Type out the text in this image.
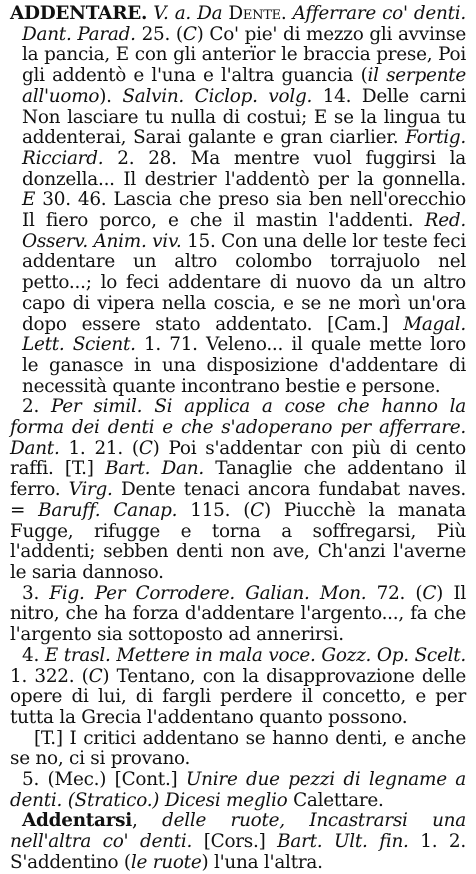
ADDENTARE. V. a. Da Dente. Afferrare co' denti. Dant. Parad. 25. (C) Co' pie' di mezzo gli avvinse la pancia, E con gli anterïor le braccia prese, Poi gli addentò e l'una e l'altra guancia (il serpente all'uomo). Salvin. Ciclop. volg. 14. Delle carni Non lasciare tu nulla di costui; E se la lingua tu addenterai, Sarai galante e gran ciarlier. Fortig. Ricciard. 2. 28. Ma mentre vuol fuggirsi la donzella... Il destrier l'addentò per la gonnella. E 30. 46. Lascia che preso sia ben nell'orecchio Il fiero porco, e che il mastin l'addenti. Red. Osserv. Anim. viv. 15. Con una delle lor teste feci addentare un altro colombo torrajuolo nel petto...; lo feci addentare di nuovo da un altro capo di vipera nella coscia, e se ne morì un'ora dopo essere stato addentato. [Cam.] Magal. Lett. Scient. 1. 71. Veleno... il quale mette loro le ganasce in una disposizione d'addentare di necessità quante incontrano bestie e persone.

2. Per simil. Si applica a cose che hanno la forma dei denti e che s'adoperano per afferrare. Dant. 1. 21. (C) Poi s'addentar con più di cento raffi. [T.] Bart. Dan. Tanaglie che addentano il ferro. Virg. Dente tenaci ancora fundabat naves. = Baruff. Canap. 115. (C) Piucchè la manata Fugge, rifugge e torna a soffregarsi, Più l'addenti; sebben denti non ave, Ch'anzi l'averne le saria dannoso.

3. Fig. Per Corrodere. Galian. Mon. 72. (C) Il nitro, che ha forza d'addentare l'argento..., fa che l'argento sia sottoposto ad annerirsi.

4. E trasl. Mettere in mala voce. Gozz. Op. Scelt. 1. 322. (C) Tentano, con la disapprovazione delle opere di lui, di fargli perdere il concetto, e per tutta la Grecia l'addentano quanto possono.

[T.] I critici addentano se hanno denti, e anche se no, ci si provano.

5. (Mec.) [Cont.] Unire due pezzi di legname a denti. (Stratico.) Dicesi meglio Calettare.

Addentarsi, delle ruote, Incastrarsi una nell'altra co' denti. [Cors.] Bart. Ult. fin. 1. 2. S'addentino (le ruote) l'una l'altra.
